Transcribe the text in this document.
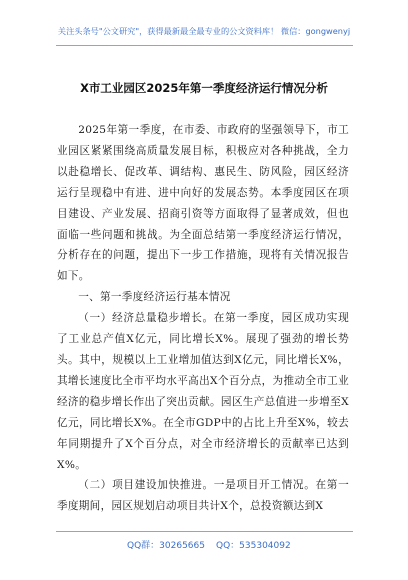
关注头条号"公文研究"，获得最新最全最专业的公文资料库！ 微信：gongwenyj
X市工业园区2025年第一季度经济运行情况分析

2025年第一季度，在市委、市政府的坚强领导下，市工业园区紧紧围绕高质量发展目标，积极应对各种挑战，全力以赴稳增长、促改革、调结构、惠民生、防风险，园区经济运行呈现稳中有进、进中向好的发展态势。本季度园区在项目建设、产业发展、招商引资等方面取得了显著成效，但也面临一些问题和挑战。为全面总结第一季度经济运行情况，分析存在的问题，提出下一步工作措施，现将有关情况报告如下。

一、第一季度经济运行基本情况

（一）经济总量稳步增长。在第一季度，园区成功实现了工业总产值X亿元，同比增长X%。展现了强劲的增长势头。其中，规模以上工业增加值达到X亿元，同比增长X%，其增长速度比全市平均水平高出X个百分点，为推动全市工业经济的稳步增长作出了突出贡献。园区生产总值进一步增至X亿元，同比增长X%。在全市GDP中的占比上升至X%，较去年同期提升了X个百分点，对全市经济增长的贡献率已达到X%。

（二）项目建设加快推进。一是项目开工情况。在第一季度期间，园区规划启动项目共计X个，总投资额达到X

QQ群：30265665 QQ：535304092
